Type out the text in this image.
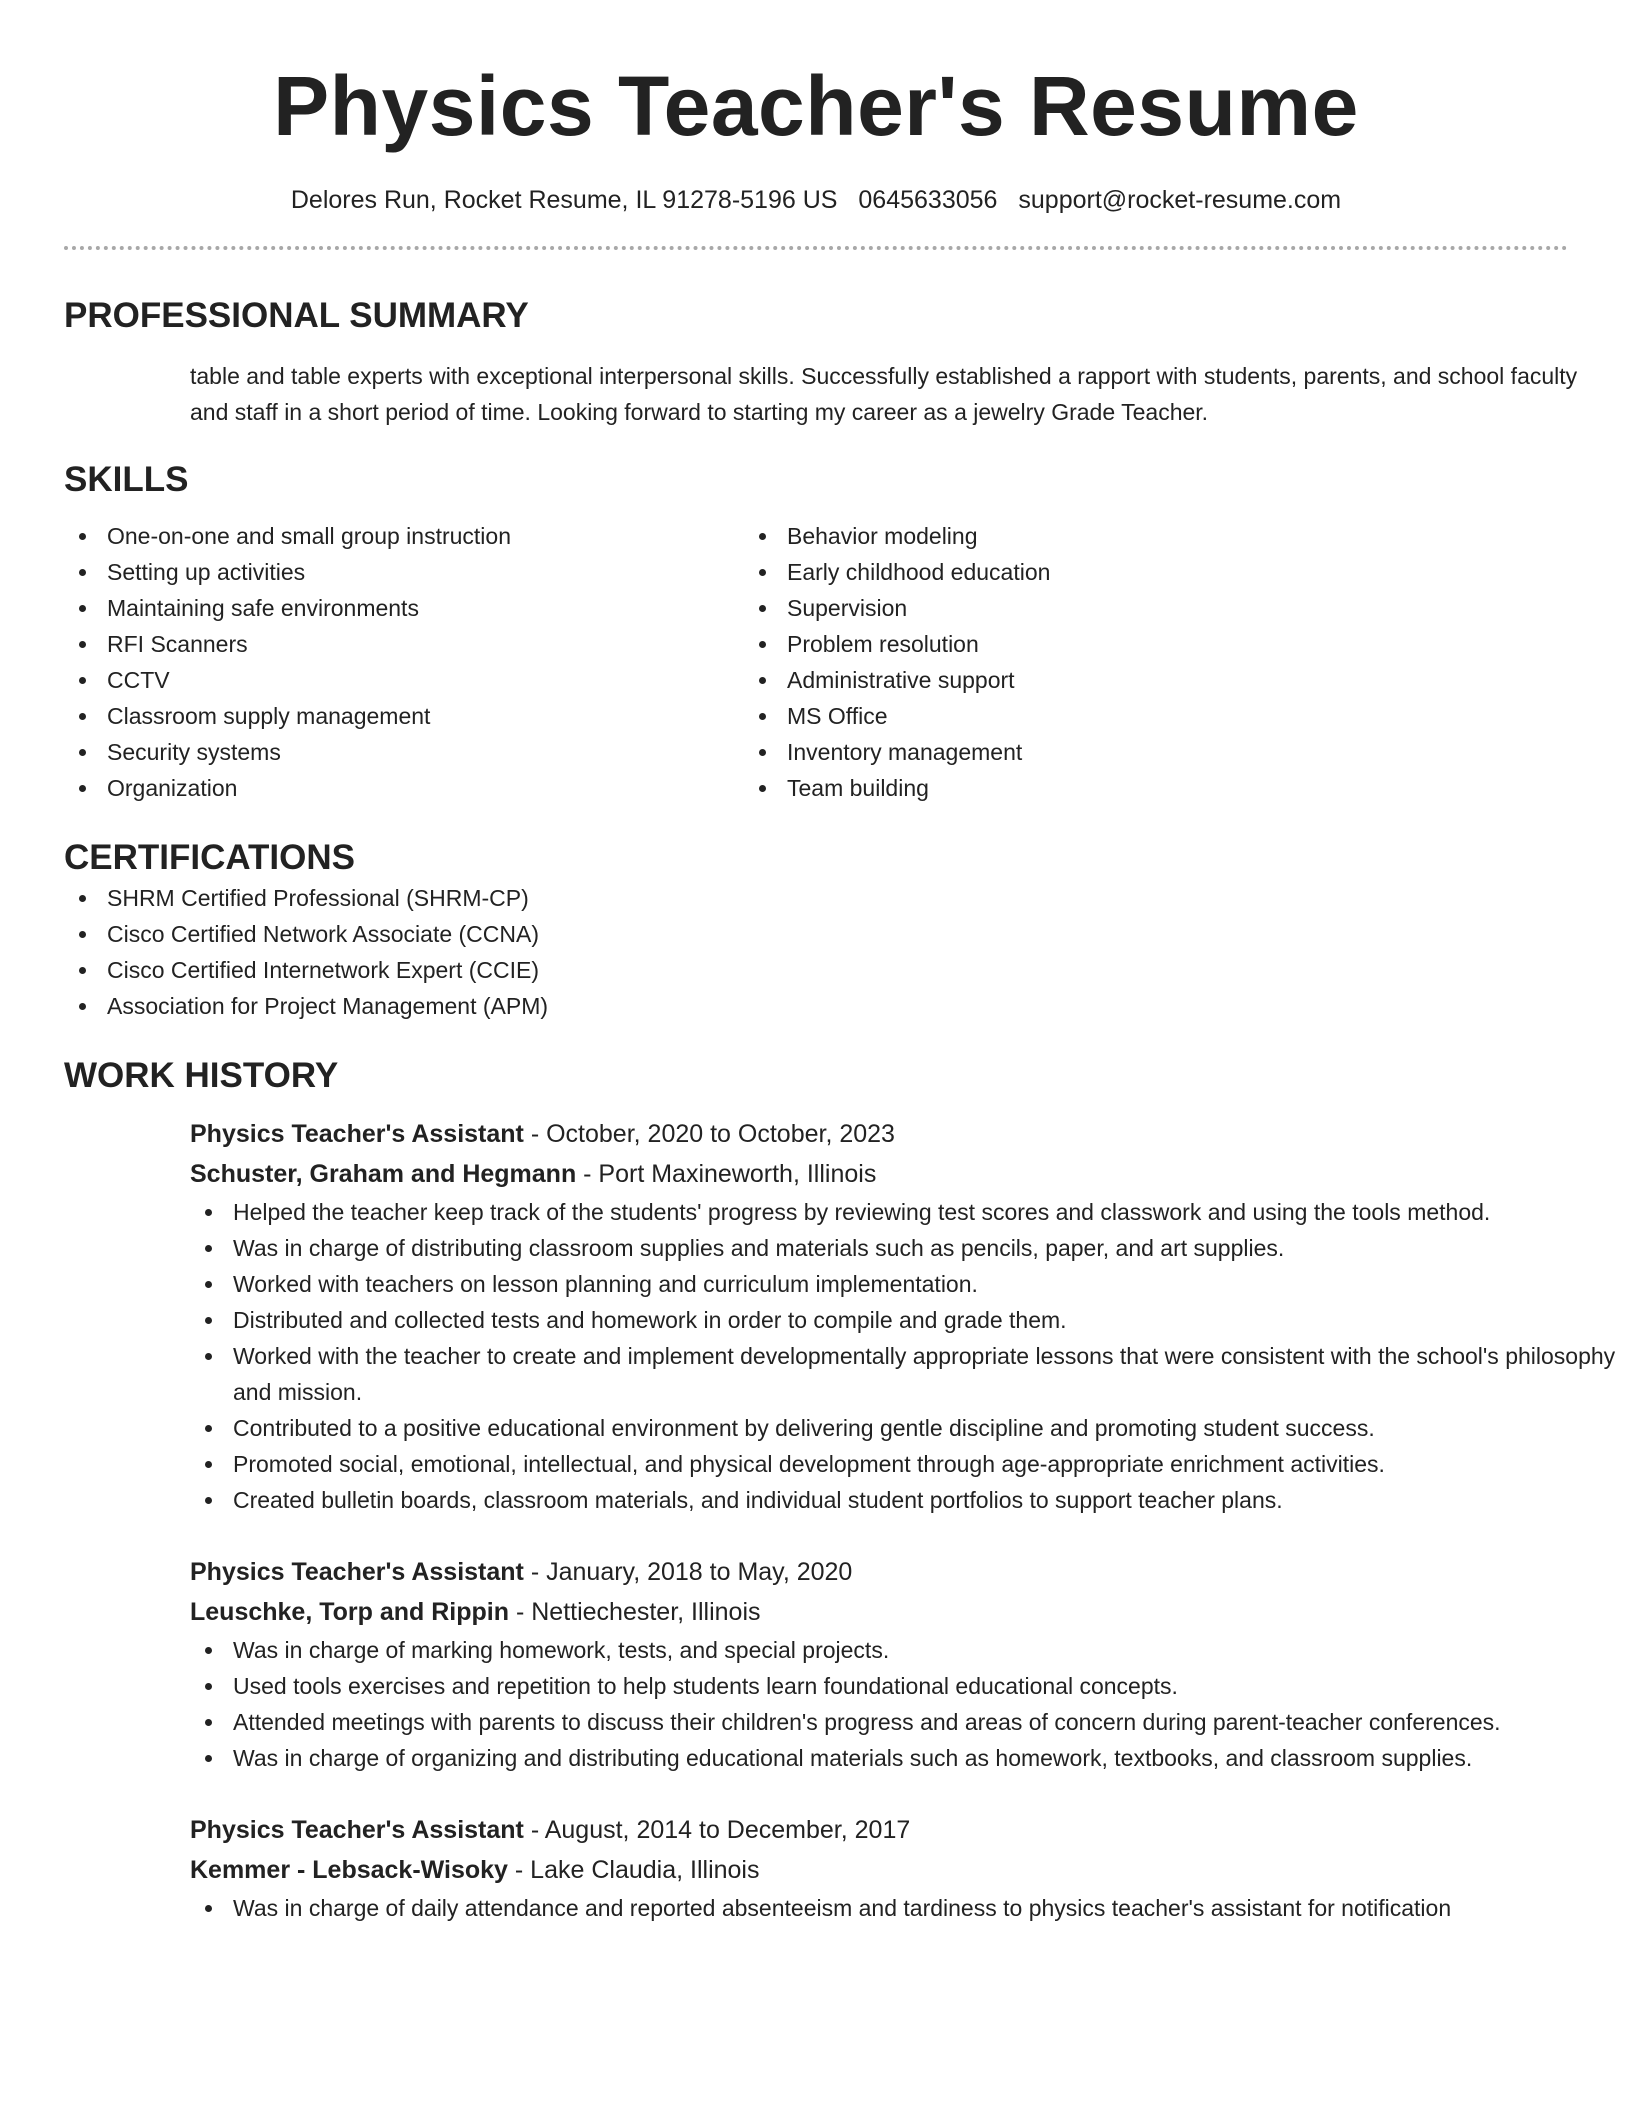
Physics Teacher's Resume
Delores Run, Rocket Resume, IL 91278-5196 US 0645633056 support@rocket-resume.com
PROFESSIONAL SUMMARY
table and table experts with exceptional interpersonal skills. Successfully established a rapport with students, parents, and school faculty and staff in a short period of time. Looking forward to starting my career as a jewelry Grade Teacher.
SKILLS
One-on-one and small group instruction
Setting up activities
Maintaining safe environments
RFI Scanners
CCTV
Classroom supply management
Security systems
Organization
Behavior modeling
Early childhood education
Supervision
Problem resolution
Administrative support
MS Office
Inventory management
Team building
CERTIFICATIONS
SHRM Certified Professional (SHRM-CP)
Cisco Certified Network Associate (CCNA)
Cisco Certified Internetwork Expert (CCIE)
Association for Project Management (APM)
WORK HISTORY
Physics Teacher's Assistant - October, 2020 to October, 2023
Schuster, Graham and Hegmann - Port Maxineworth, Illinois
Helped the teacher keep track of the students' progress by reviewing test scores and classwork and using the tools method.
Was in charge of distributing classroom supplies and materials such as pencils, paper, and art supplies.
Worked with teachers on lesson planning and curriculum implementation.
Distributed and collected tests and homework in order to compile and grade them.
Worked with the teacher to create and implement developmentally appropriate lessons that were consistent with the school's philosophy and mission.
Contributed to a positive educational environment by delivering gentle discipline and promoting student success.
Promoted social, emotional, intellectual, and physical development through age-appropriate enrichment activities.
Created bulletin boards, classroom materials, and individual student portfolios to support teacher plans.
Physics Teacher's Assistant - January, 2018 to May, 2020
Leuschke, Torp and Rippin - Nettiechester, Illinois
Was in charge of marking homework, tests, and special projects.
Used tools exercises and repetition to help students learn foundational educational concepts.
Attended meetings with parents to discuss their children's progress and areas of concern during parent-teacher conferences.
Was in charge of organizing and distributing educational materials such as homework, textbooks, and classroom supplies.
Physics Teacher's Assistant - August, 2014 to December, 2017
Kemmer - Lebsack-Wisoky - Lake Claudia, Illinois
Was in charge of daily attendance and reported absenteeism and tardiness to physics teacher's assistant for notification
